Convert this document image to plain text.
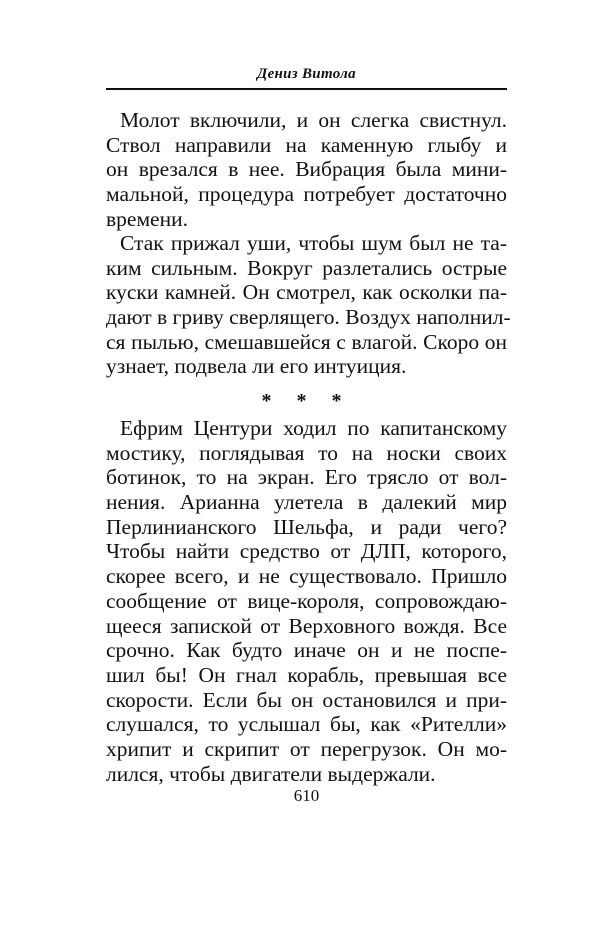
Дениз Витола

Молот включили, и он слегка свистнул.
Ствол направили на каменную глыбу и
он врезался в нее. Вибрация была мини-
мальной, процедура потребует достаточно
времени.

Стак прижал уши, чтобы шум был не та-
ким сильным. Вокруг разлетались острые
куски камней. Он смотрел, как осколки па-
дают в гриву сверлящего. Воздух наполнил-
ся пылью, смешавшейся с влагой. Скоро он
узнает, подвела ли его интуиция.

* * *

Ефрим Центури ходил по капитанскому
мостику, поглядывая то на носки своих
ботинок, то на экран. Его трясло от вол-
нения. Арианна улетела в далекий мир
Перлинианского Шельфа, и ради чего?
Чтобы найти средство от ДЛП, которого,
скорее всего, и не существовало. Пришло
сообщение от вице-короля, сопровождаю-
щееся запиской от Верховного вождя. Все
срочно. Как будто иначе он и не поспе-
шил бы! Он гнал корабль, превышая все
скорости. Если бы он остановился и при-
слушался, то услышал бы, как «Рителли»
хрипит и скрипит от перегрузок. Он мо-
лился, чтобы двигатели выдержали.

610
